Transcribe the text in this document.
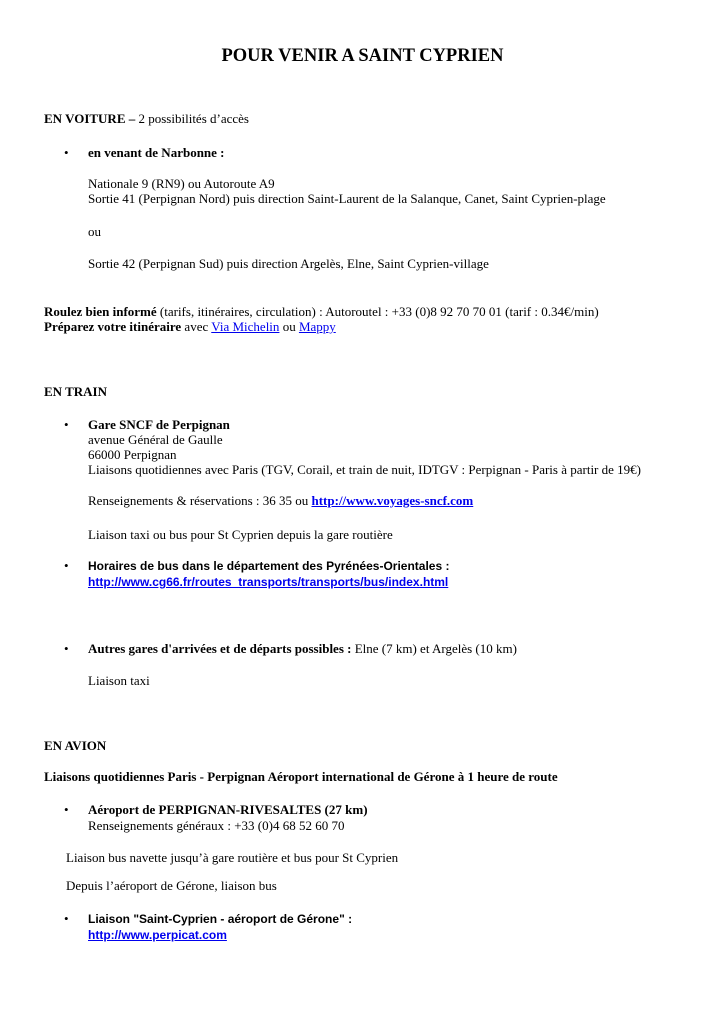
POUR VENIR A SAINT CYPRIEN
EN VOITURE – 2 possibilités d’accès
• en venant de Narbonne :
Nationale 9 (RN9) ou Autoroute A9
Sortie 41 (Perpignan Nord) puis direction Saint-Laurent de la Salanque, Canet, Saint Cyprien-plage
ou
Sortie 42 (Perpignan Sud) puis direction Argelès, Elne, Saint Cyprien-village
Roulez bien informé (tarifs, itinéraires, circulation) : Autoroutel : +33 (0)8 92 70 70 01 (tarif : 0.34€/min)
Préparez votre itinéraire avec Via Michelin ou Mappy
EN TRAIN
• Gare SNCF de Perpignan
avenue Général de Gaulle
66000 Perpignan
Liaisons quotidiennes avec Paris (TGV, Corail, et train de nuit, IDTGV : Perpignan - Paris à partir de 19€)
Renseignements & réservations : 36 35 ou http://www.voyages-sncf.com
Liaison taxi ou bus pour St Cyprien depuis la gare routière
• Horaires de bus dans le département des Pyrénées-Orientales :
http://www.cg66.fr/routes_transports/transports/bus/index.html
• Autres gares d'arrivées et de départs possibles : Elne (7 km) et Argelès (10 km)
Liaison taxi
EN AVION
Liaisons quotidiennes Paris - Perpignan Aéroport international de Gérone à 1 heure de route
• Aéroport de PERPIGNAN-RIVESALTES (27 km)
Renseignements généraux : +33 (0)4 68 52 60 70
Liaison bus navette jusqu’à gare routière et bus pour St Cyprien
Depuis l’aéroport de Gérone, liaison bus
• Liaison "Saint-Cyprien - aéroport de Gérone" :
http://www.perpicat.com
